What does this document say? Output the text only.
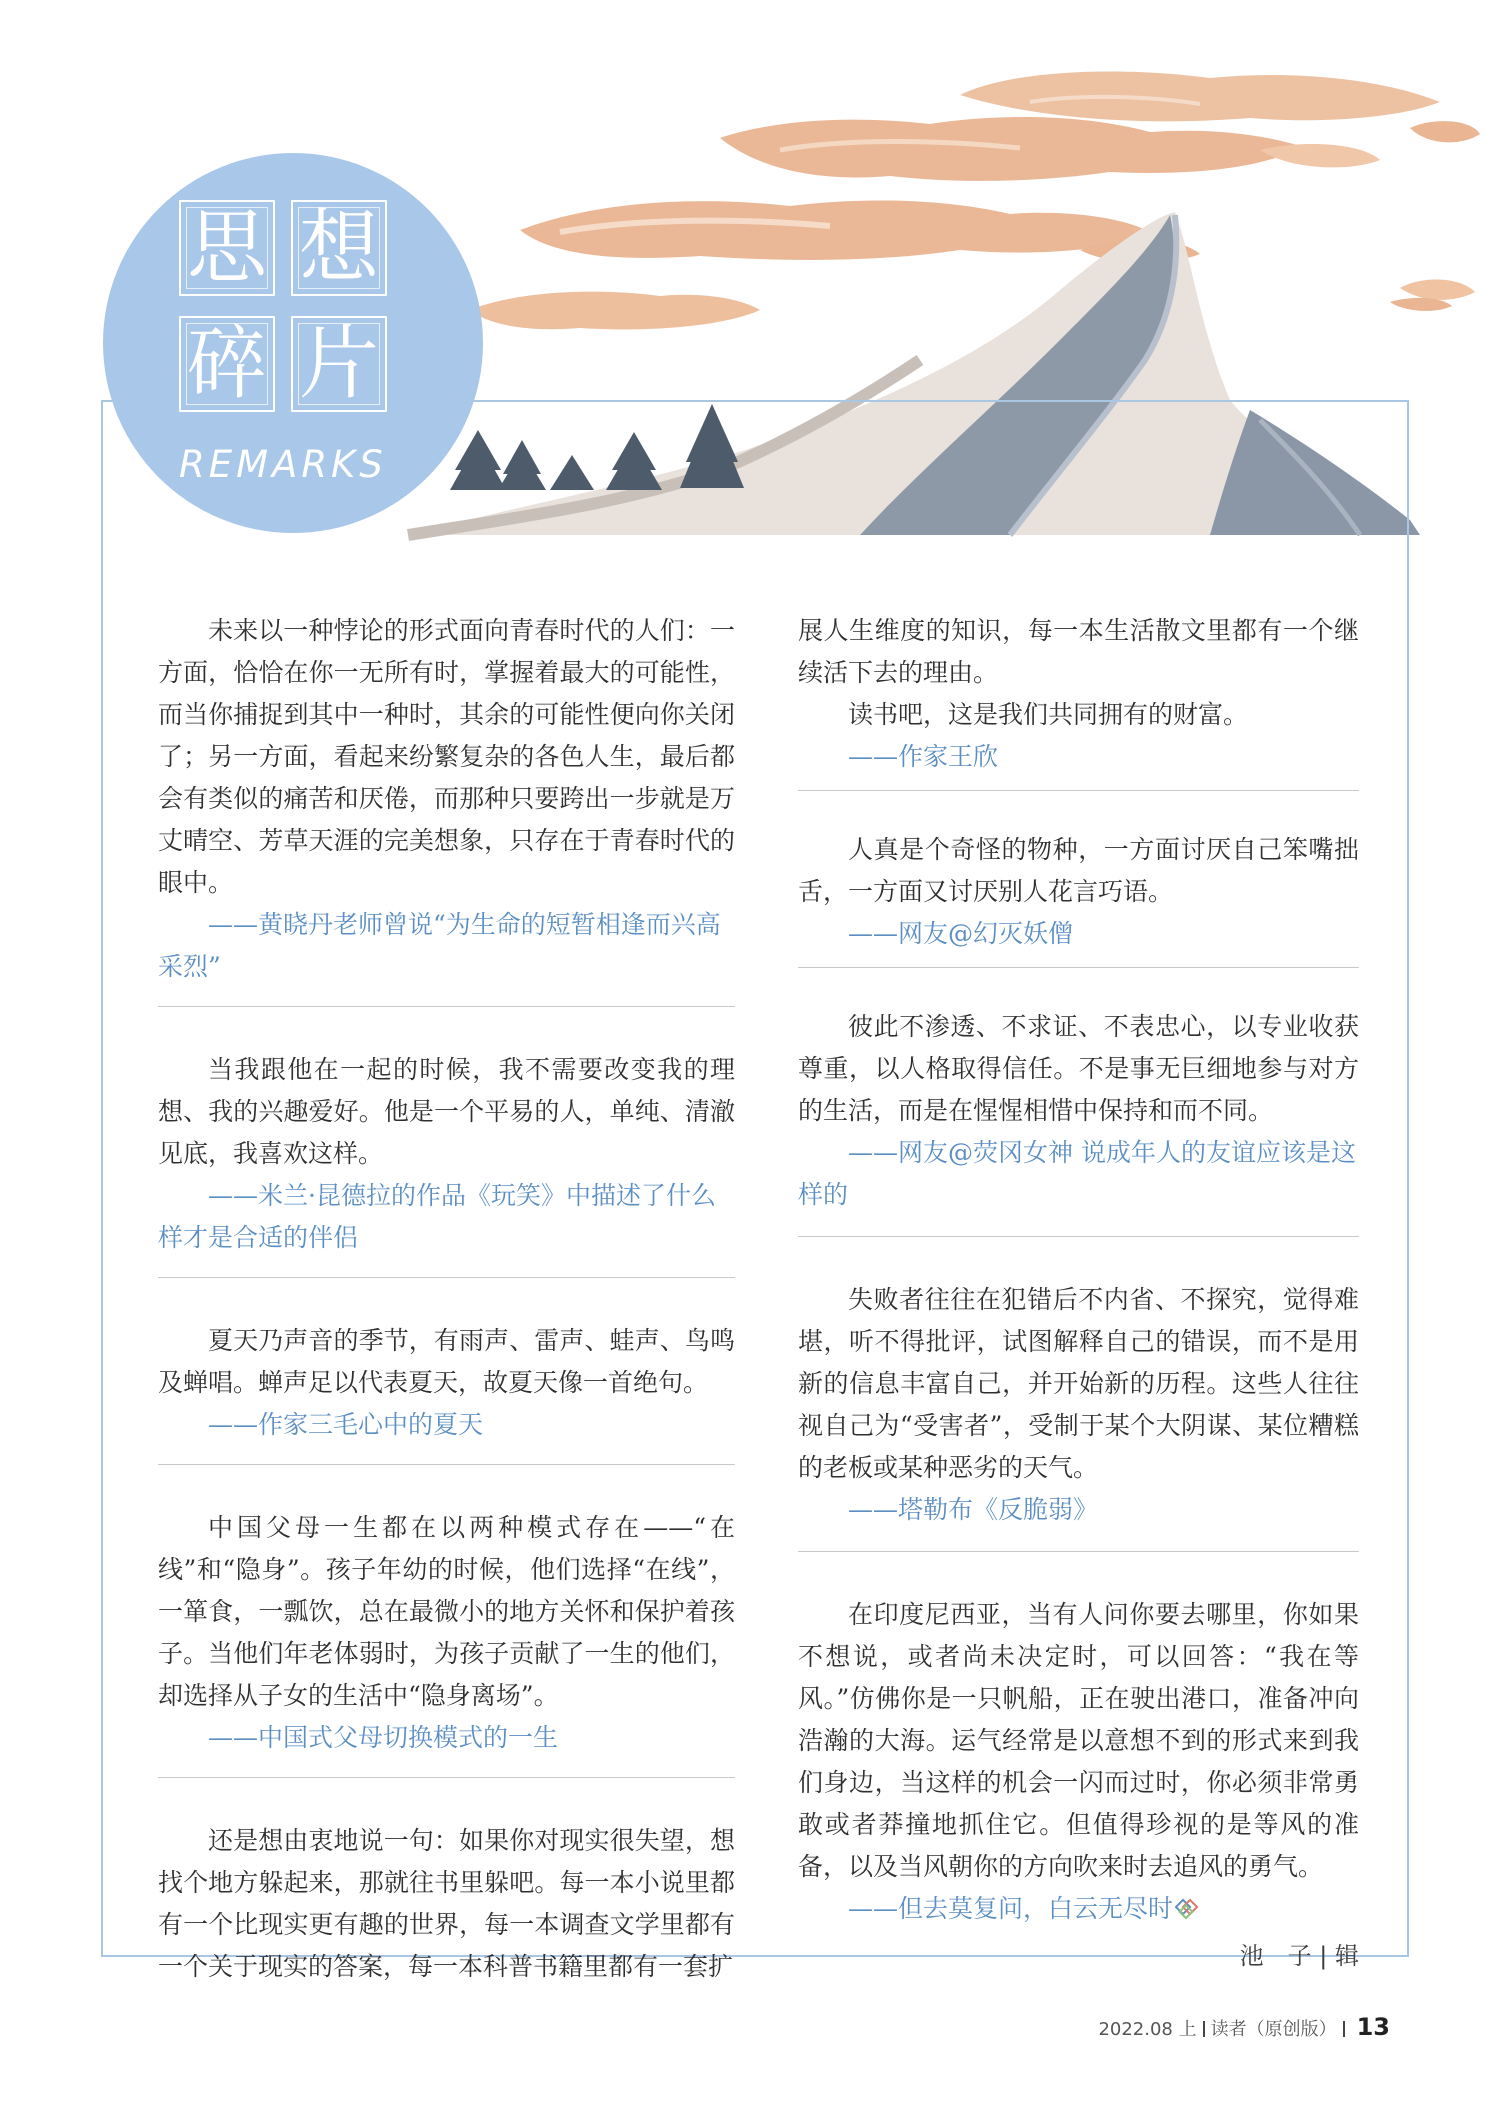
思 想
碎 片
REMARKS

未来以一种悖论的形式面向青春时代的人们：一方面，恰恰在你一无所有时，掌握着最大的可能性，而当你捕捉到其中一种时，其余的可能性便向你关闭了；另一方面，看起来纷繁复杂的各色人生，最后都会有类似的痛苦和厌倦，而那种只要跨出一步就是万丈晴空、芳草天涯的完美想象，只存在于青春时代的眼中。

——黄晓丹老师曾说“为生命的短暂相逢而兴高采烈”

当我跟他在一起的时候，我不需要改变我的理想、我的兴趣爱好。他是一个平易的人，单纯、清澈见底，我喜欢这样。

——米兰·昆德拉的作品《玩笑》中描述了什么样才是合适的伴侣

夏天乃声音的季节，有雨声、雷声、蛙声、鸟鸣及蝉唱。蝉声足以代表夏天，故夏天像一首绝句。

——作家三毛心中的夏天

中国父母一生都在以两种模式存在——“在线”和“隐身”。孩子年幼的时候，他们选择“在线”，一箪食，一瓢饮，总在最微小的地方关怀和保护着孩子。当他们年老体弱时，为孩子贡献了一生的他们，却选择从子女的生活中“隐身离场”。

——中国式父母切换模式的一生

还是想由衷地说一句：如果你对现实很失望，想找个地方躲起来，那就往书里躲吧。每一本小说里都有一个比现实更有趣的世界，每一本调查文学里都有一个关于现实的答案，每一本科普书籍里都有一套扩

展人生维度的知识，每一本生活散文里都有一个继续活下去的理由。

读书吧，这是我们共同拥有的财富。

——作家王欣

人真是个奇怪的物种，一方面讨厌自己笨嘴拙舌，一方面又讨厌别人花言巧语。

——网友@幻灭妖僧

彼此不渗透、不求证、不表忠心，以专业收获尊重，以人格取得信任。不是事无巨细地参与对方的生活，而是在惺惺相惜中保持和而不同。

——网友@荧冈女神 说成年人的友谊应该是这样的

失败者往往在犯错后不内省、不探究，觉得难堪，听不得批评，试图解释自己的错误，而不是用新的信息丰富自己，并开始新的历程。这些人往往视自己为“受害者”，受制于某个大阴谋、某位糟糕的老板或某种恶劣的天气。

——塔勒布《反脆弱》

在印度尼西亚，当有人问你要去哪里，你如果不想说，或者尚未决定时，可以回答：“我在等风。”仿佛你是一只帆船，正在驶出港口，准备冲向浩瀚的大海。运气经常是以意想不到的形式来到我们身边，当这样的机会一闪而过时，你必须非常勇敢或者莽撞地抓住它。但值得珍视的是等风的准备，以及当风朝你的方向吹来时去追风的勇气。

——但去莫复问，白云无尽时

池　子 | 辑

2022.08 上 读者（原创版） 13
